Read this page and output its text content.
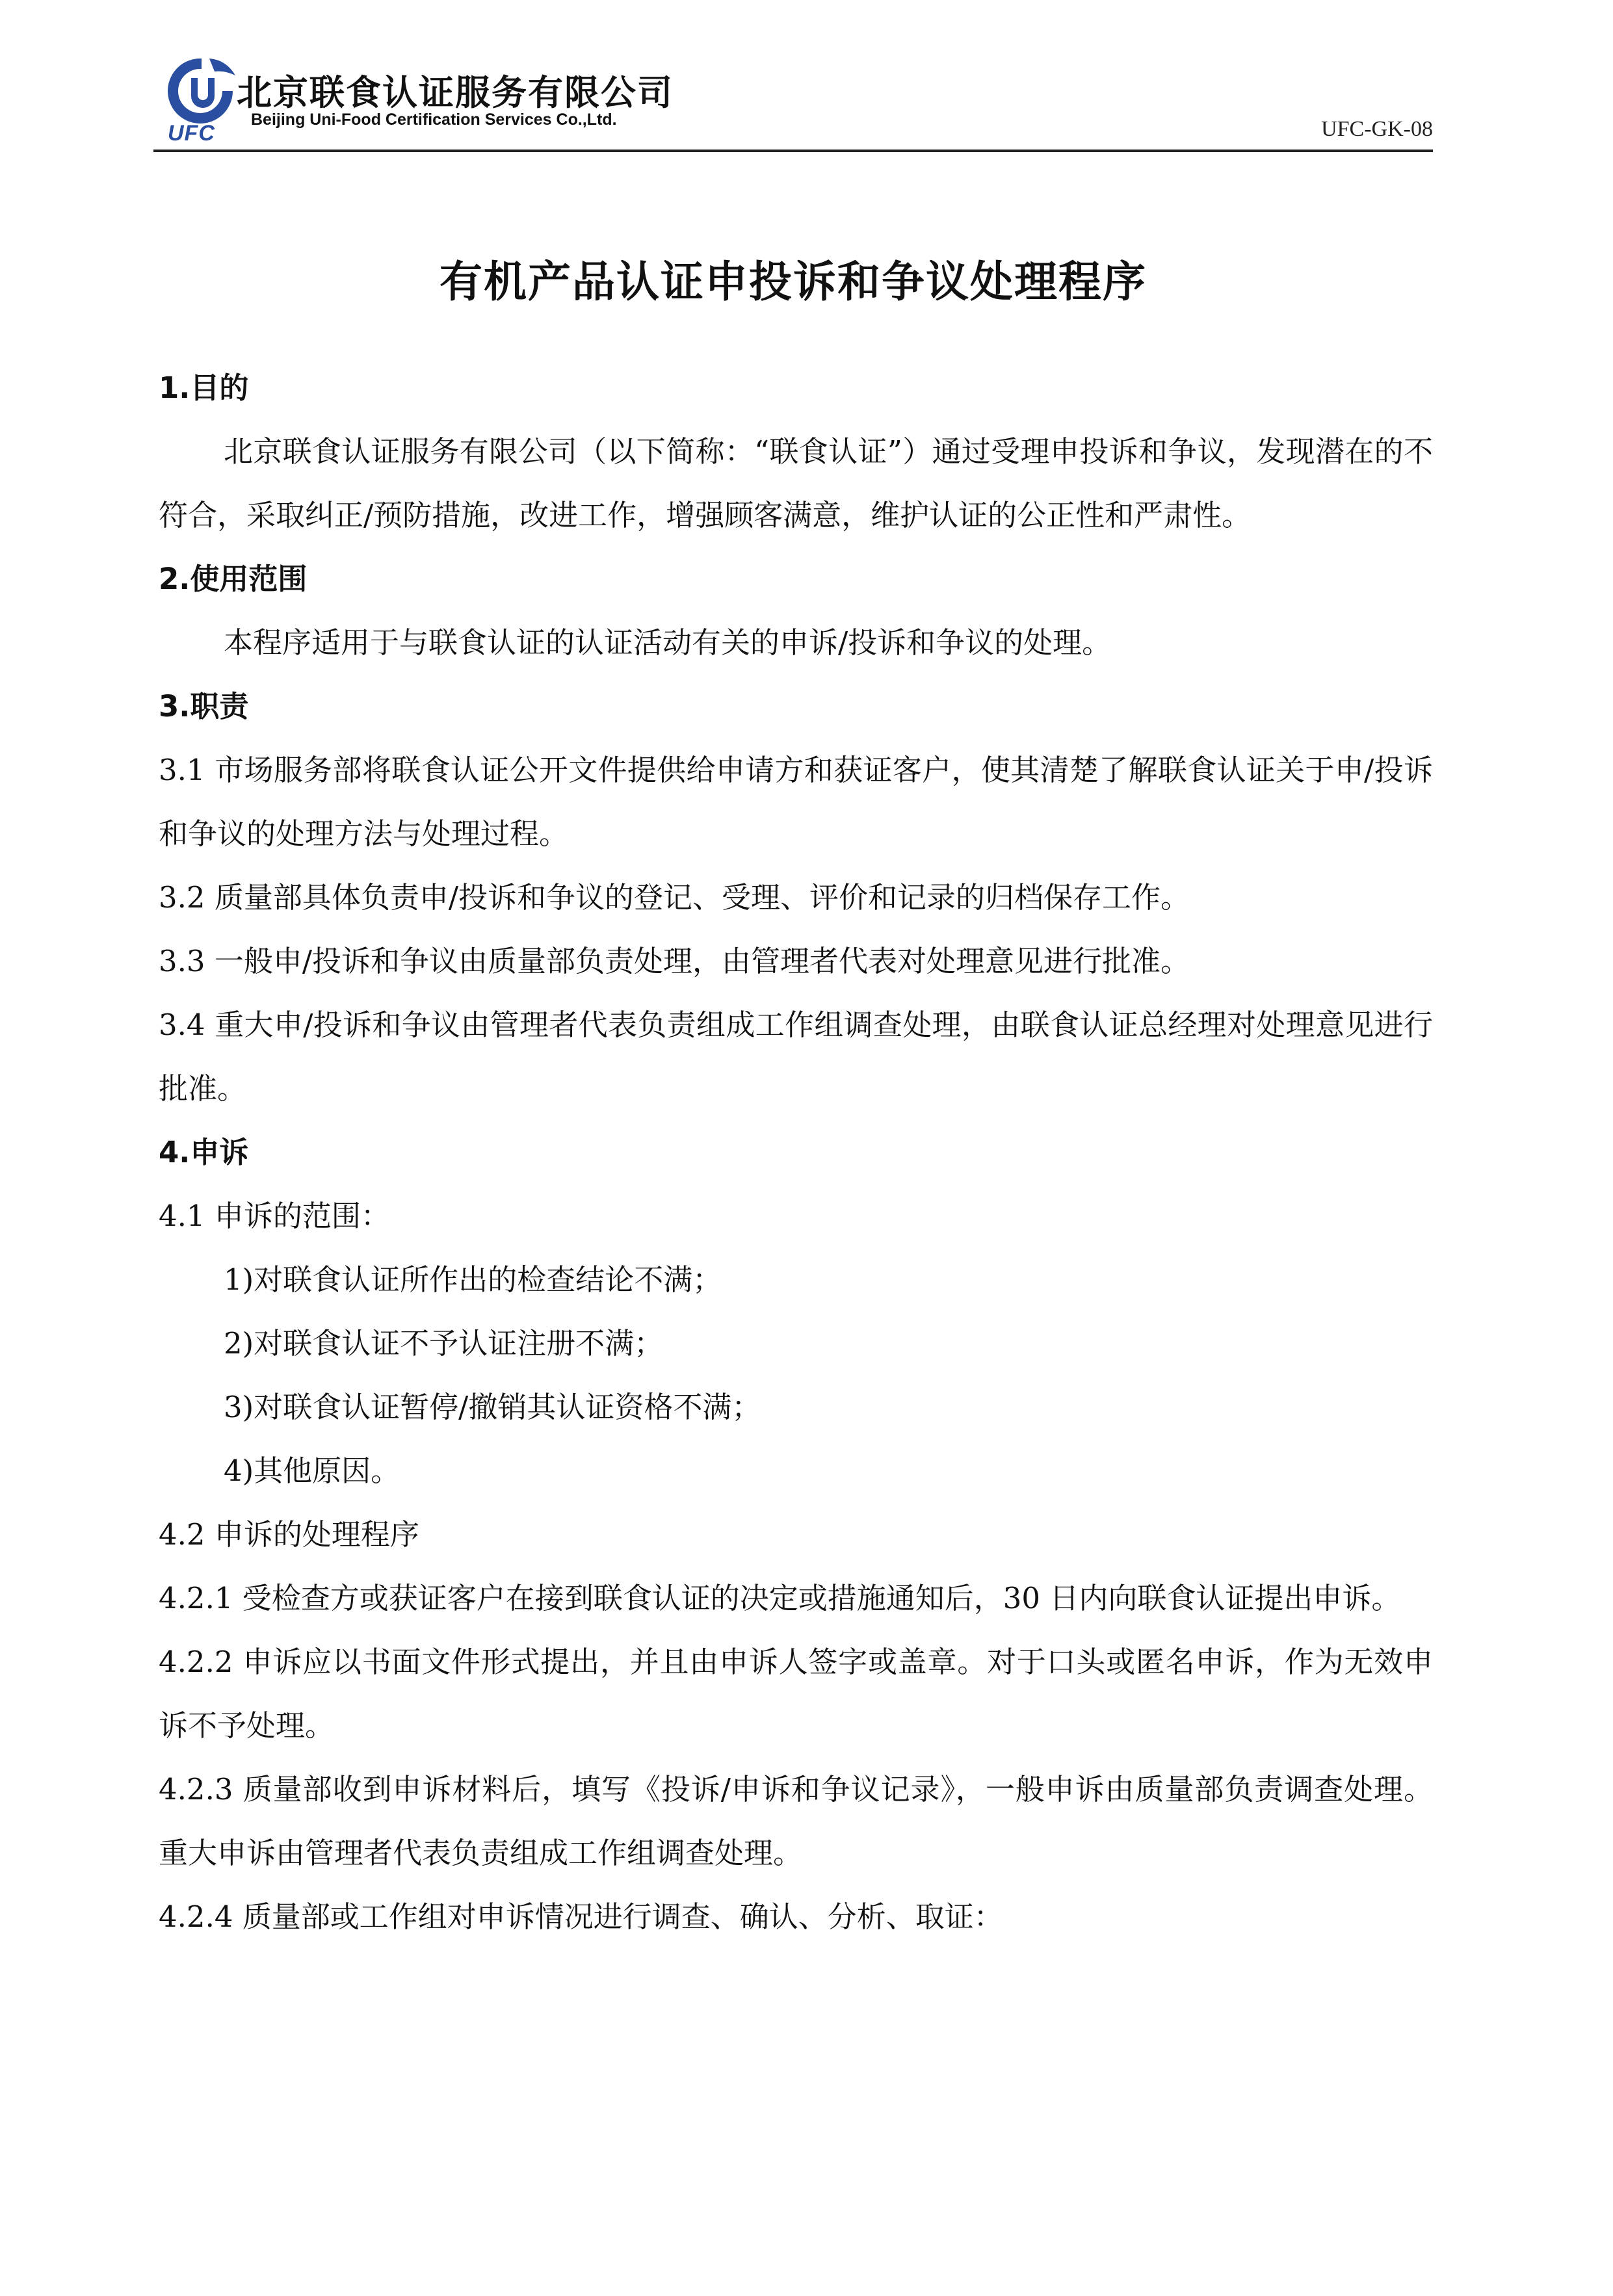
北京联食认证服务有限公司
Beijing Uni-Food Certification Services Co.,Ltd.
UFC	UFC-GK-08
有机产品认证申投诉和争议处理程序

1.目的

北京联食认证服务有限公司（以下简称：“联食认证”）通过受理申投诉和争议，发现潜在的不符合，采取纠正/预防措施，改进工作，增强顾客满意，维护认证的公正性和严肃性。

2.使用范围

本程序适用于与联食认证的认证活动有关的申诉/投诉和争议的处理。

3.职责

3.1 市场服务部将联食认证公开文件提供给申请方和获证客户，使其清楚了解联食认证关于申/投诉和争议的处理方法与处理过程。

3.2 质量部具体负责申/投诉和争议的登记、受理、评价和记录的归档保存工作。

3.3 一般申/投诉和争议由质量部负责处理，由管理者代表对处理意见进行批准。

3.4 重大申/投诉和争议由管理者代表负责组成工作组调查处理，由联食认证总经理对处理意见进行批准。

4.申诉

4.1 申诉的范围：

1)对联食认证所作出的检查结论不满；

2)对联食认证不予认证注册不满；

3)对联食认证暂停/撤销其认证资格不满；

4)其他原因。

4.2 申诉的处理程序

4.2.1 受检查方或获证客户在接到联食认证的决定或措施通知后，30 日内向联食认证提出申诉。

4.2.2 申诉应以书面文件形式提出，并且由申诉人签字或盖章。对于口头或匿名申诉，作为无效申诉不予处理。

4.2.3 质量部收到申诉材料后，填写《投诉/申诉和争议记录》，一般申诉由质量部负责调查处理。重大申诉由管理者代表负责组成工作组调查处理。

4.2.4 质量部或工作组对申诉情况进行调查、确认、分析、取证：
